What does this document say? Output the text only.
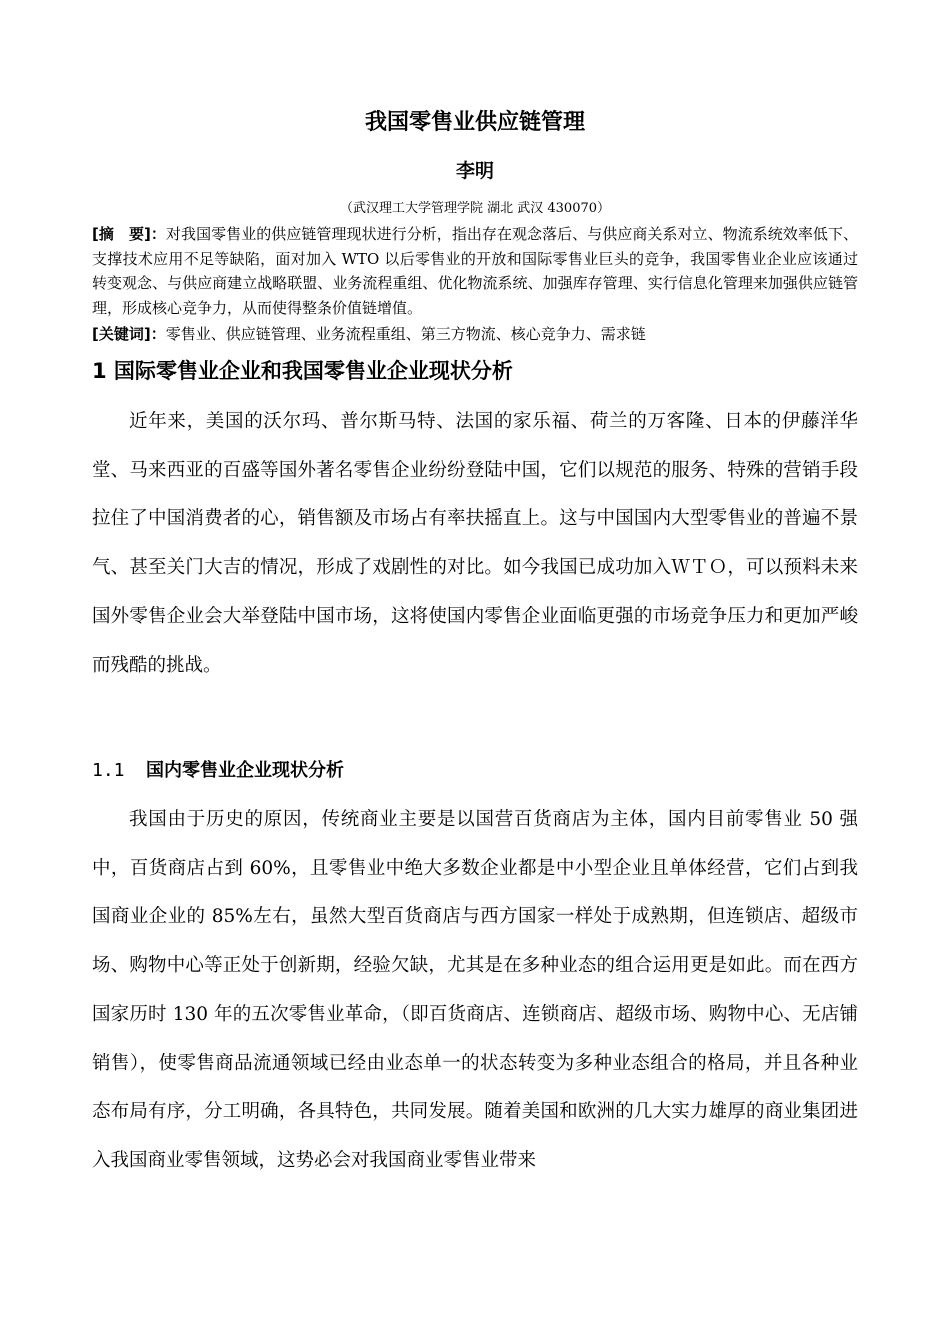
我国零售业供应链管理
李明
（武汉理工大学管理学院 湖北 武汉 430070）
[摘　要]：对我国零售业的供应链管理现状进行分析，指出存在观念落后、与供应商关系对立、物流系统效率低下、支撑技术应用不足等缺陷，面对加入 WTO 以后零售业的开放和国际零售业巨头的竞争，我国零售业企业应该通过转变观念、与供应商建立战略联盟、业务流程重组、优化物流系统、加强库存管理、实行信息化管理来加强供应链管理，形成核心竞争力，从而使得整条价值链增值。
[关键词]：零售业、供应链管理、业务流程重组、第三方物流、核心竞争力、需求链
1 国际零售业企业和我国零售业企业现状分析
近年来，美国的沃尔玛、普尔斯马特、法国的家乐福、荷兰的万客隆、日本的伊藤洋华堂、马来西亚的百盛等国外著名零售企业纷纷登陆中国，它们以规范的服务、特殊的营销手段拉住了中国消费者的心，销售额及市场占有率扶摇直上。这与中国国内大型零售业的普遍不景气、甚至关门大吉的情况，形成了戏剧性的对比。如今我国已成功加入ＷＴＯ，可以预料未来国外零售企业会大举登陆中国市场，这将使国内零售企业面临更强的市场竞争压力和更加严峻而残酷的挑战。
1.1 国内零售业企业现状分析
我国由于历史的原因，传统商业主要是以国营百货商店为主体，国内目前零售业 50 强中，百货商店占到 60%，且零售业中绝大多数企业都是中小型企业且单体经营，它们占到我国商业企业的 85%左右，虽然大型百货商店与西方国家一样处于成熟期，但连锁店、超级市场、购物中心等正处于创新期，经验欠缺，尤其是在多种业态的组合运用更是如此。而在西方国家历时 130 年的五次零售业革命，（即百货商店、连锁商店、超级市场、购物中心、无店铺销售），使零售商品流通领域已经由业态单一的状态转变为多种业态组合的格局，并且各种业态布局有序，分工明确，各具特色，共同发展。随着美国和欧洲的几大实力雄厚的商业集团进入我国商业零售领域，这势必会对我国商业零售业带来
